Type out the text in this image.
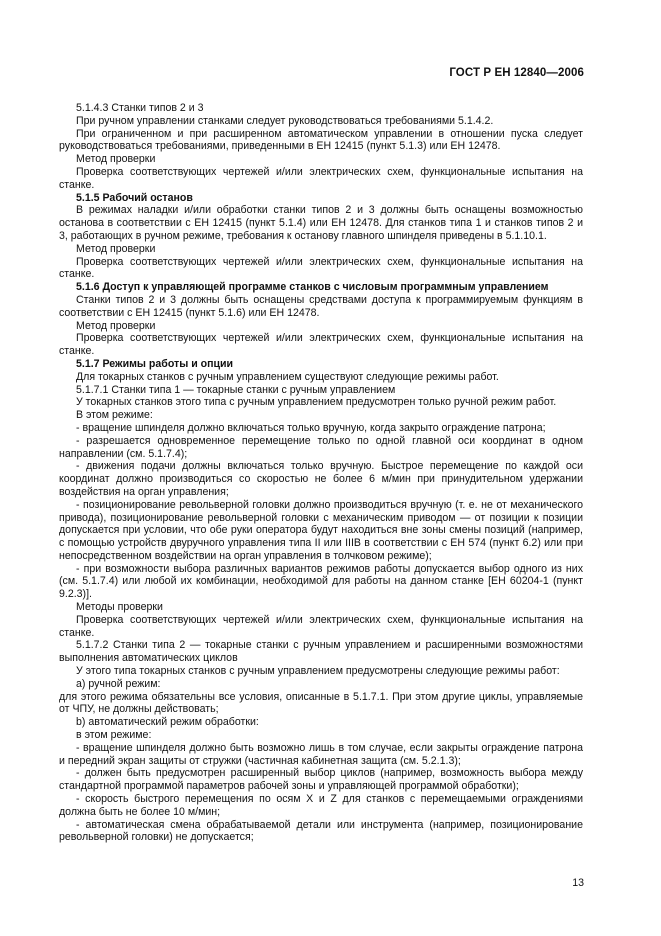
ГОСТ Р ЕН 12840—2006

5.1.4.3 Станки типов 2 и 3

При ручном управлении станками следует руководствоваться требованиями 5.1.4.2.

При ограниченном и при расширенном автоматическом управлении в отношении пуска следует руководствоваться требованиями, приведенными в ЕН 12415 (пункт 5.1.3) или ЕН 12478.

Метод проверки

Проверка соответствующих чертежей и/или электрических схем, функциональные испытания на станке.

5.1.5 Рабочий останов

В режимах наладки и/или обработки станки типов 2 и 3 должны быть оснащены возможностью останова в соответствии с ЕН 12415 (пункт 5.1.4) или ЕН 12478. Для станков типа 1 и станков типов 2 и 3, работающих в ручном режиме, требования к останову главного шпинделя приведены в 5.1.10.1.

Метод проверки

Проверка соответствующих чертежей и/или электрических схем, функциональные испытания на станке.

5.1.6 Доступ к управляющей программе станков с числовым программным управлением

Станки типов 2 и 3 должны быть оснащены средствами доступа к программируемым функциям в соответствии с ЕН 12415 (пункт 5.1.6) или ЕН 12478.

Метод проверки

Проверка соответствующих чертежей и/или электрических схем, функциональные испытания на станке.

5.1.7 Режимы работы и опции

Для токарных станков с ручным управлением существуют следующие режимы работ.

5.1.7.1 Станки типа 1 — токарные станки с ручным управлением

У токарных станков этого типа с ручным управлением предусмотрен только ручной режим работ.

В этом режиме:

- вращение шпинделя должно включаться только вручную, когда закрыто ограждение патрона;

- разрешается одновременное перемещение только по одной главной оси координат в одном направлении (см. 5.1.7.4);

- движения подачи должны включаться только вручную. Быстрое перемещение по каждой оси координат должно производиться со скоростью не более 6 м/мин при принудительном удержании воздействия на орган управления;

- позиционирование револьверной головки должно производиться вручную (т. е. не от механического привода), позиционирование револьверной головки с механическим приводом — от позиции к позиции допускается при условии, что обе руки оператора будут находиться вне зоны смены позиций (например, с помощью устройств двуручного управления типа II или IIIВ в соответствии с ЕН 574 (пункт 6.2) или при непосредственном воздействии на орган управления в толчковом режиме);

- при возможности выбора различных вариантов режимов работы допускается выбор одного из них (см. 5.1.7.4) или любой их комбинации, необходимой для работы на данном станке [ЕН 60204-1 (пункт 9.2.3)].

Методы проверки

Проверка соответствующих чертежей и/или электрических схем, функциональные испытания на станке.

5.1.7.2 Станки типа 2 — токарные станки с ручным управлением и расширенными возможностями выполнения автоматических циклов

У этого типа токарных станков с ручным управлением предусмотрены следующие режимы работ:

а) ручной режим:

для этого режима обязательны все условия, описанные в 5.1.7.1. При этом другие циклы, управляемые от ЧПУ, не должны действовать;

b) автоматический режим обработки:

в этом режиме:

- вращение шпинделя должно быть возможно лишь в том случае, если закрыты ограждение патрона и передний экран защиты от стружки (частичная кабинетная защита (см. 5.2.1.3);

- должен быть предусмотрен расширенный выбор циклов (например, возможность выбора между стандартной программой параметров рабочей зоны и управляющей программой обработки);

- скорость быстрого перемещения по осям X и Z для станков с перемещаемыми ограждениями должна быть не более 10 м/мин;

- автоматическая смена обрабатываемой детали или инструмента (например, позиционирование револьверной головки) не допускается;

13
